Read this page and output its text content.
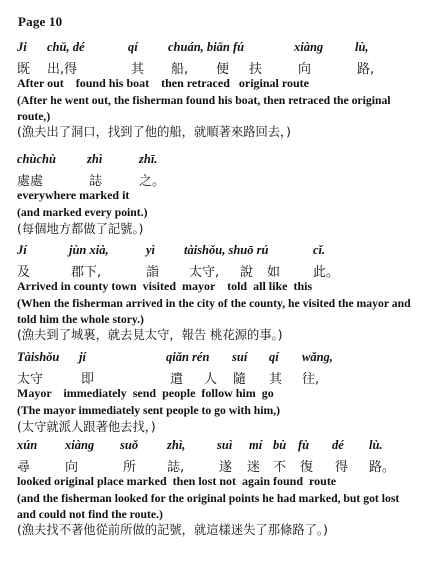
Page 10
Ji chū, dé	qí chuán, biān fú	xiàng	lù,
既 出,得	其 船, 便 扶	向	路,
After out    found his boat    then retraced   original route
(After he went out, the fisherman found his boat, then retraced the original route,)
(漁夫出了洞口，找到了他的船，就順著來路回去，)
chùchù zhì	zhī.
處處	誌	之。
everywhere marked it
(and marked every point.)
(每個地方都做了記號。)
Jí	jùn xià,	yì tàishǒu, shuō rú	cǐ.
及	郡下,	詣 太守, 說 如	此。
Arrived in county town  visited  mayor    told  all like  this
(When the fisherman arrived in the city of the county, he visited the mayor and told him the whole story.)
(漁夫到了城裏，就去見太守，報告 桃花源的事。)
Tàishǒu jí	qiǎn rén suí qí wǎng,
太守	即	遣 人 隨 其 往,
Mayor    immediately  send  people  follow him  go
(The mayor immediately sent people to go with him,)
(太守就派人跟著他去找，)
xún xiàng suǒ zhì,	suì mí bù fù dé lù.
尋	向	所 誌,	遂 迷 不 復 得 路。
looked original place marked  then lost not  again found  route
(and the fisherman looked for the original points he had marked, but got lost and could not find the route.)
(漁夫找不著他從前所做的記號，就這樣迷失了那條路了。)
